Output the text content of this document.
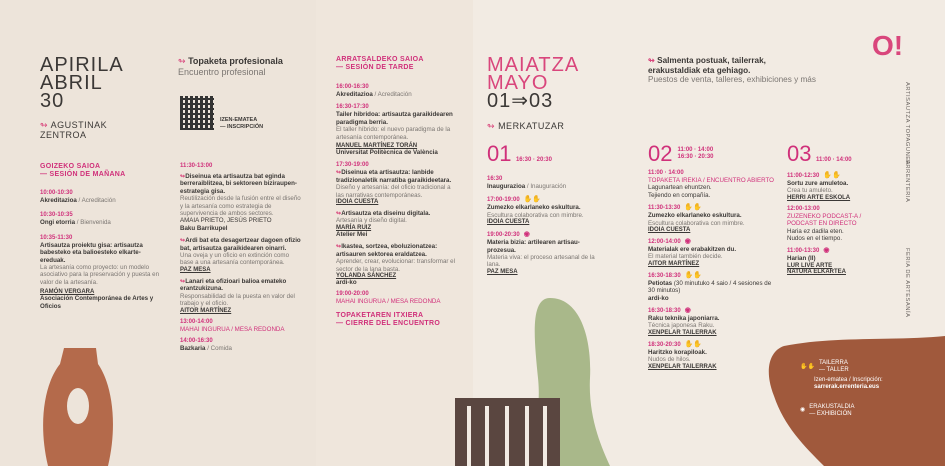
APIRILA
ABRIL
30
↬ AGUSTINAK
ZENTROA
GOIZEKO SAIOA
— SESIÓN DE MAÑANA
10:00-10:30
Akreditazioa / Acreditación
10:30-10:35
Ongi etorria / Bienvenida
10:35-11:30
Artisautza proiektu gisa: artisautza babesteko eta balioesteko elkarte-ereduak.
La artesanía como proyecto: un modelo asociativo para la preservación y puesta en valor de la artesanía.
RAMÓN VERGARA
Asociación Contemporánea de Artes y Oficios
↬ Topaketa profesionala
Encuentro profesional
IZEN-EMATEA
— INSCRIPCIÓN
11:30-13:00
↬Diseinua eta artisautza bat eginda berreraiblitzea, bi sektoreen biziraupen-estrategia gisa.
Reutilización desde la fusión entre el diseño y la artesanía como estrategia de supervivencia de ambos sectores.
AMAIA PRIETO, JESÚS PRIETO
Baku Barrikupel
↬Ardi bat eta desagertzear dagoen ofizio bat, artisautza garaikidearen oinarri.
Una oveja y un oficio en extinción como base a una artesanía contemporánea.
PAZ MESA
↬Lanari eta ofizioari balioa emateko erantzukizuna.
Responsabilidad de la puesta en valor del trabajo y el oficio.
AITOR MARTÍNEZ
13:00-14:00
MAHAI INGURUA / MESA REDONDA
14:00-16:30
Bazkaria / Comida
ARRATSALDEKO SAIOA
— SESIÓN DE TARDE
16:00-16:30
Akreditazioa / Acreditación
16:30-17:30
Tailer hibridoa: artisautza garaikidearen paradigma berria.
El taller híbrido: el nuevo paradigma de la artesanía contemporánea.
MANUEL MARTÍNEZ TORÁN
Universitat Politècnica de València
17:30-19:00
↬Diseinua eta artisautza: lanbide tradizionaletik narratiba garaikideetara.
Diseño y artesanía: del oficio tradicional a las narrativas contemporáneas.
IDOIA CUESTA
↬Artisautza eta diseinu digitala.
Artesanía y diseño digital.
MARÍA RUIZ
Atelier Mei
↬Ikastea, sortzea, eboluzionatzea: artisauren sektorea eraldatzea.
Aprender, crear, evolucionar: transformar el sector de la lana basta.
YOLANDA SÁNCHEZ
ardi-ko
19:00-20:00
MAHAI INGURUA / MESA REDONDA
TOPAKETAREN ITXIERA
— CIERRE DEL ENCUENTRO
MAIATZA
MAYO
01⇒03
↬ MERKATUZAR
↬ Salmenta postuak, tailerrak, erakustaldiak eta gehiago.
Puestos de venta, talleres, exhibiciones y más
O!
ARTISAUTZA TOPAGUNEA
ERRENTERIA
FERIA DE ARTESANÍA
01 16:30 · 20:30
16:30
Inaugurazioa / Inauguración
17:00-19:00 ✋✋
Zumezko elkarlaneko eskultura.
Escultura colaborativa con mimbre.
IDOIA CUESTA
19:00-20:30 ◉
Materia bizia: artilearen artisau-prozesua.
Materia viva: el proceso artesanal de la lana.
PAZ MESA
02 11:00 · 14:00
16:30 · 20:30
11:00 · 14:00
TOPAKETA IREKIA / ENCUENTRO ABIERTO
Lagunartean ehuntzen.
Tejiendo en compañía.
11:30-13:30 ✋✋
Zumezko elkarlaneko eskultura.
Escultura colaborativa con mimbre.
IDOIA CUESTA
12:00-14:00 ◉
Materialak ere erabakitzen du.
El material también decide.
AITOR MARTÍNEZ
16:30-18:30 ✋✋
Petiotas (30 minutuko 4 saio / 4 sesiones de 30 minutos)
ardi-ko
16:30-18:30 ◉
Raku teknika japoniarra.
Técnica japonesa Raku.
XENPELAR TAILERRAK
18:30-20:30 ✋✋
Haritzko korapiloak.
Nudos de hilos.
XENPELAR TAILERRAK
03 11:00 · 14:00
11:00-12:30 ✋✋
Sortu zure amuletoa.
Crea tu amuleto.
HERRI ARTE ESKOLA
12:00-13:00
ZUZENEKO PODCAST-A / PODCAST EN DIRECTO
Haria ez dadila eten.
Nudos en el tiempo.
11:00-13:30 ◉
Harian (II)
LUR LIVE ARTE
NATURA ELKARTEA
✋✋
TAILERRA
— TALLER
Izen-ematea / Inscripción:
sarrerak.errenteria.eus
◉
ERAKUSTALDIA
— EXHIBICIÓN
